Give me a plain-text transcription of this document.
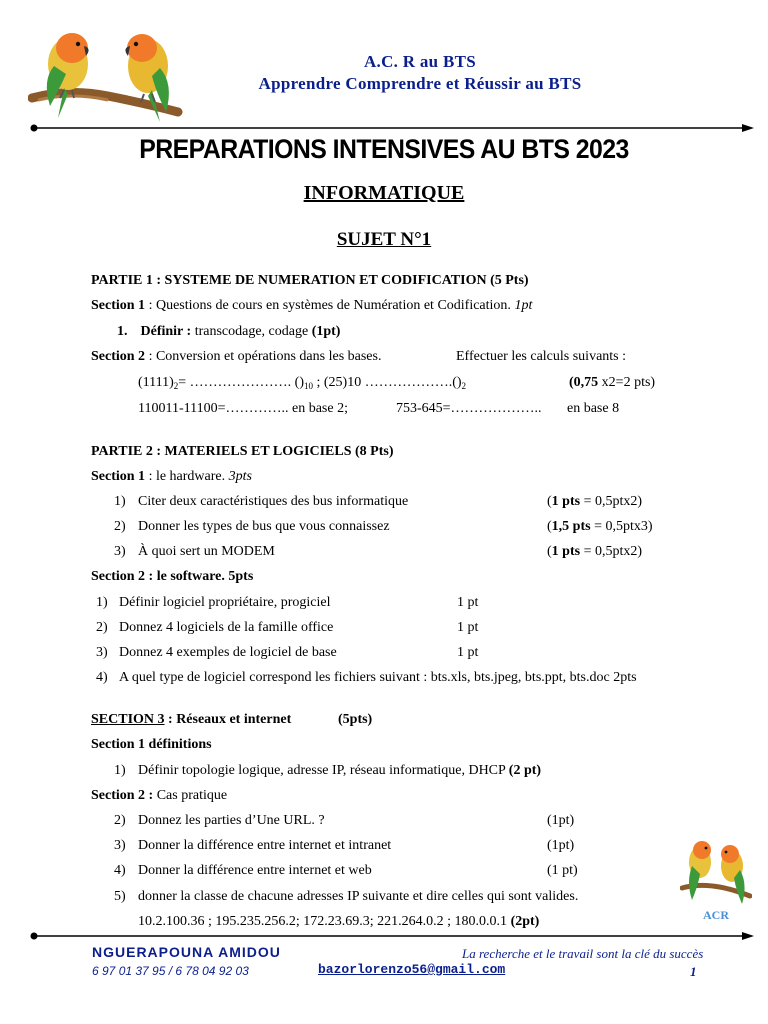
A.C. R au BTS
Apprendre Comprendre et Réussir au BTS
PREPARATIONS INTENSIVES AU BTS 2023
INFORMATIQUE
SUJET N°1
PARTIE 1 : SYSTEME DE NUMERATION ET CODIFICATION (5 Pts)
Section 1 : Questions de cours en systèmes de Numération et Codification. 1pt
1. Définir : transcodage, codage (1pt)
Section 2 : Conversion et opérations dans les bases.	Effectuer les calculs suivants :
$(1111)_2=$ …………………. $()_{10}$ ; (25)10 $\dots\dots\dots\dots\dots\dots.()_2$	(0,75 x2=2 pts)
110011-11100=………….. en base 2;	753-645=……………….. en base 8
PARTIE 2 : MATERIELS ET LOGICIELS (8 Pts)
Section 1 : le hardware. 3pts
1) Citer deux caractéristiques des bus informatique	(1 pts = 0,5ptx2)
2) Donner les types de bus que vous connaissez	(1,5 pts = 0,5ptx3)
3) À quoi sert un MODEM	(1 pts = 0,5ptx2)
Section 2 : le software. 5pts
1) Définir logiciel propriétaire, progiciel	1 pt
2) Donnez 4 logiciels de la famille office	1 pt
3) Donnez 4 exemples de logiciel de base	1 pt
4) A quel type de logiciel correspond les fichiers suivant : bts.xls, bts.jpeg, bts.ppt, bts.doc 2pts
SECTION 3 : Réseaux et internet	(5pts)
Section 1 définitions
1) Définir topologie logique, adresse IP, réseau informatique, DHCP (2 pt)
Section 2 : Cas pratique
2) Donnez les parties d’Une URL. ?	(1pt)
3) Donner la différence entre internet et intranet	(1pt)
4) Donner la différence entre internet et web	(1 pt)
5) donner la classe de chacune adresses IP suivante et dire celles qui sont valides.
10.2.100.36 ; 195.235.256.2; 172.23.69.3; 221.264.0.2 ; 180.0.0.1 (2pt)	ACR
NGUERAPOUNA AMIDOU
6 97 01 37 95 / 6 78 04 92 03	bazorlorenzo56@gmail.com
La recherche et le travail sont la clé du succès
1
